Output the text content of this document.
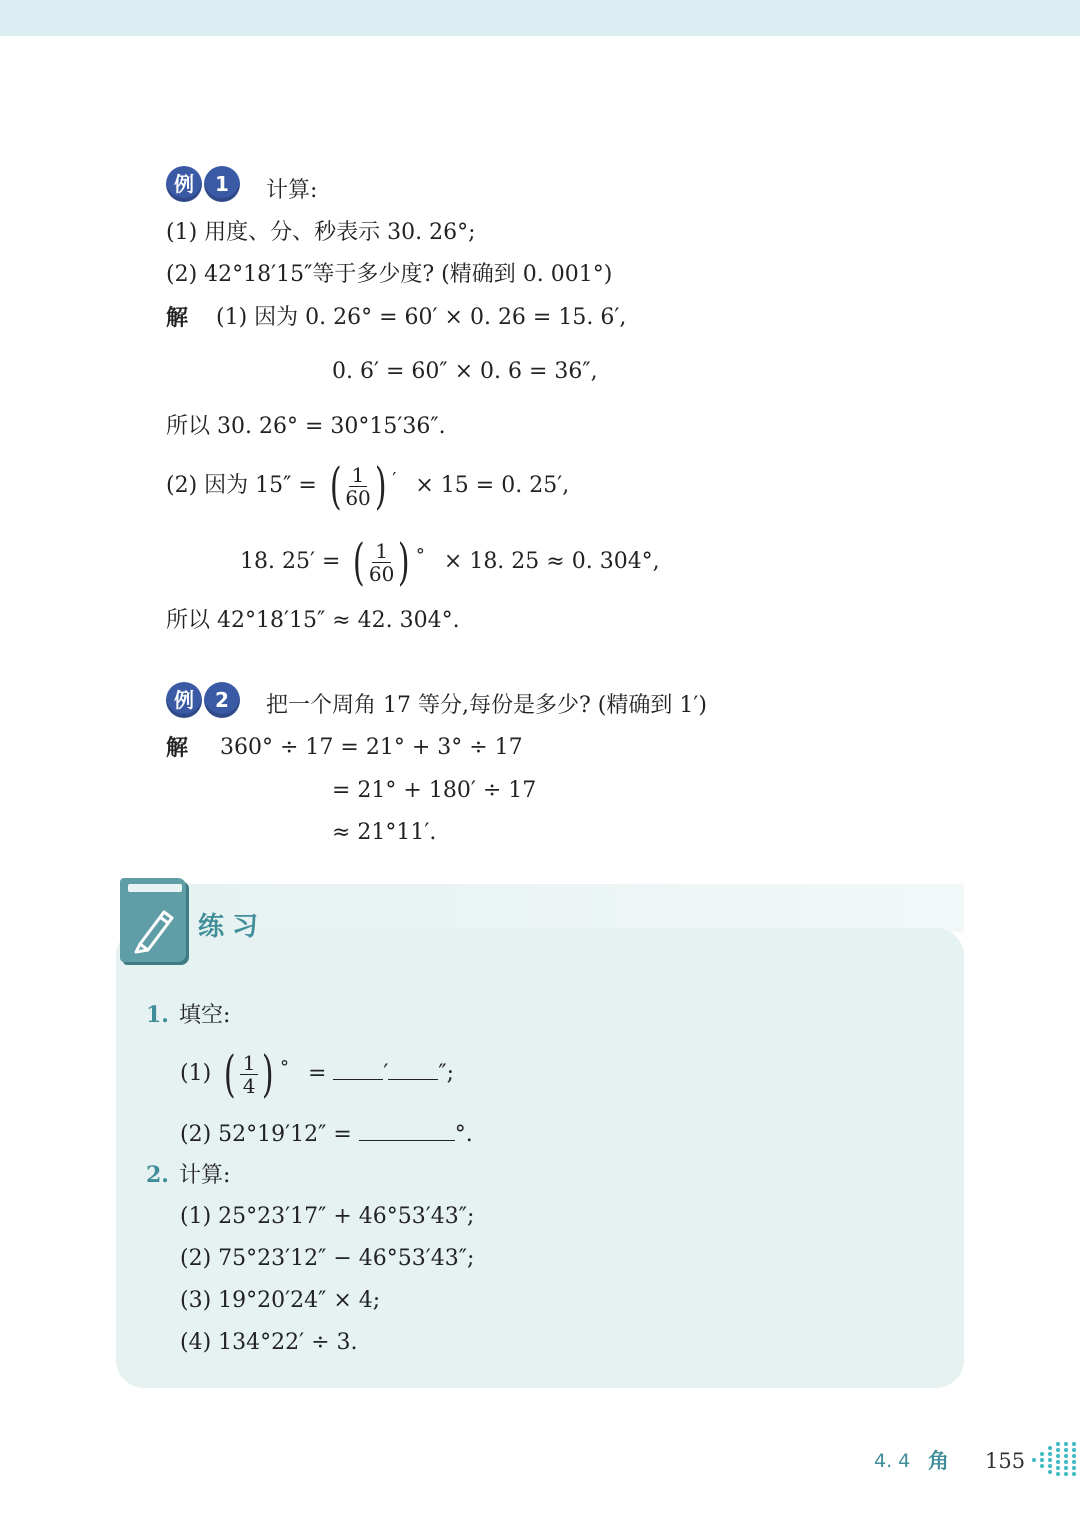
例	1	计算:
(1) 用度、分、秒表示 30. 26°;
(2) 42°18′15″等于多少度? (精确到 0. 001°)
解 (1) 因为 0. 26° = 60′ × 0. 26 = 15. 6′,
0. 6′ = 60″ × 0. 6 = 36″,
所以 30. 26° = 30°15′36″.
(2) 因为 15″ = ( $\frac{1}{60}$ ) ′ × 15 = 0. 25′,
18. 25′ = ( $\frac{1}{60}$ ) ° × 18. 25 ≈ 0. 304°,
所以 42°18′15″ ≈ 42. 304°.
例	2	把一个周角 17 等分,每份是多少? (精确到 1′)
解 360° ÷ 17 = 21° + 3° ÷ 17
= 21° + 180′ ÷ 17
≈ 21°11′.
练习
1. 填空:
(1) ( $\frac{1}{4}$ ) ° =	′ ″;
(2) 52°19′12″ =	°.
2. 计算:
(1) 25°23′17″ + 46°53′43″;
(2) 75°23′12″ − 46°53′43″;
(3) 19°20′24″ × 4;
(4) 134°22′ ÷ 3.
4. 4 角 155
